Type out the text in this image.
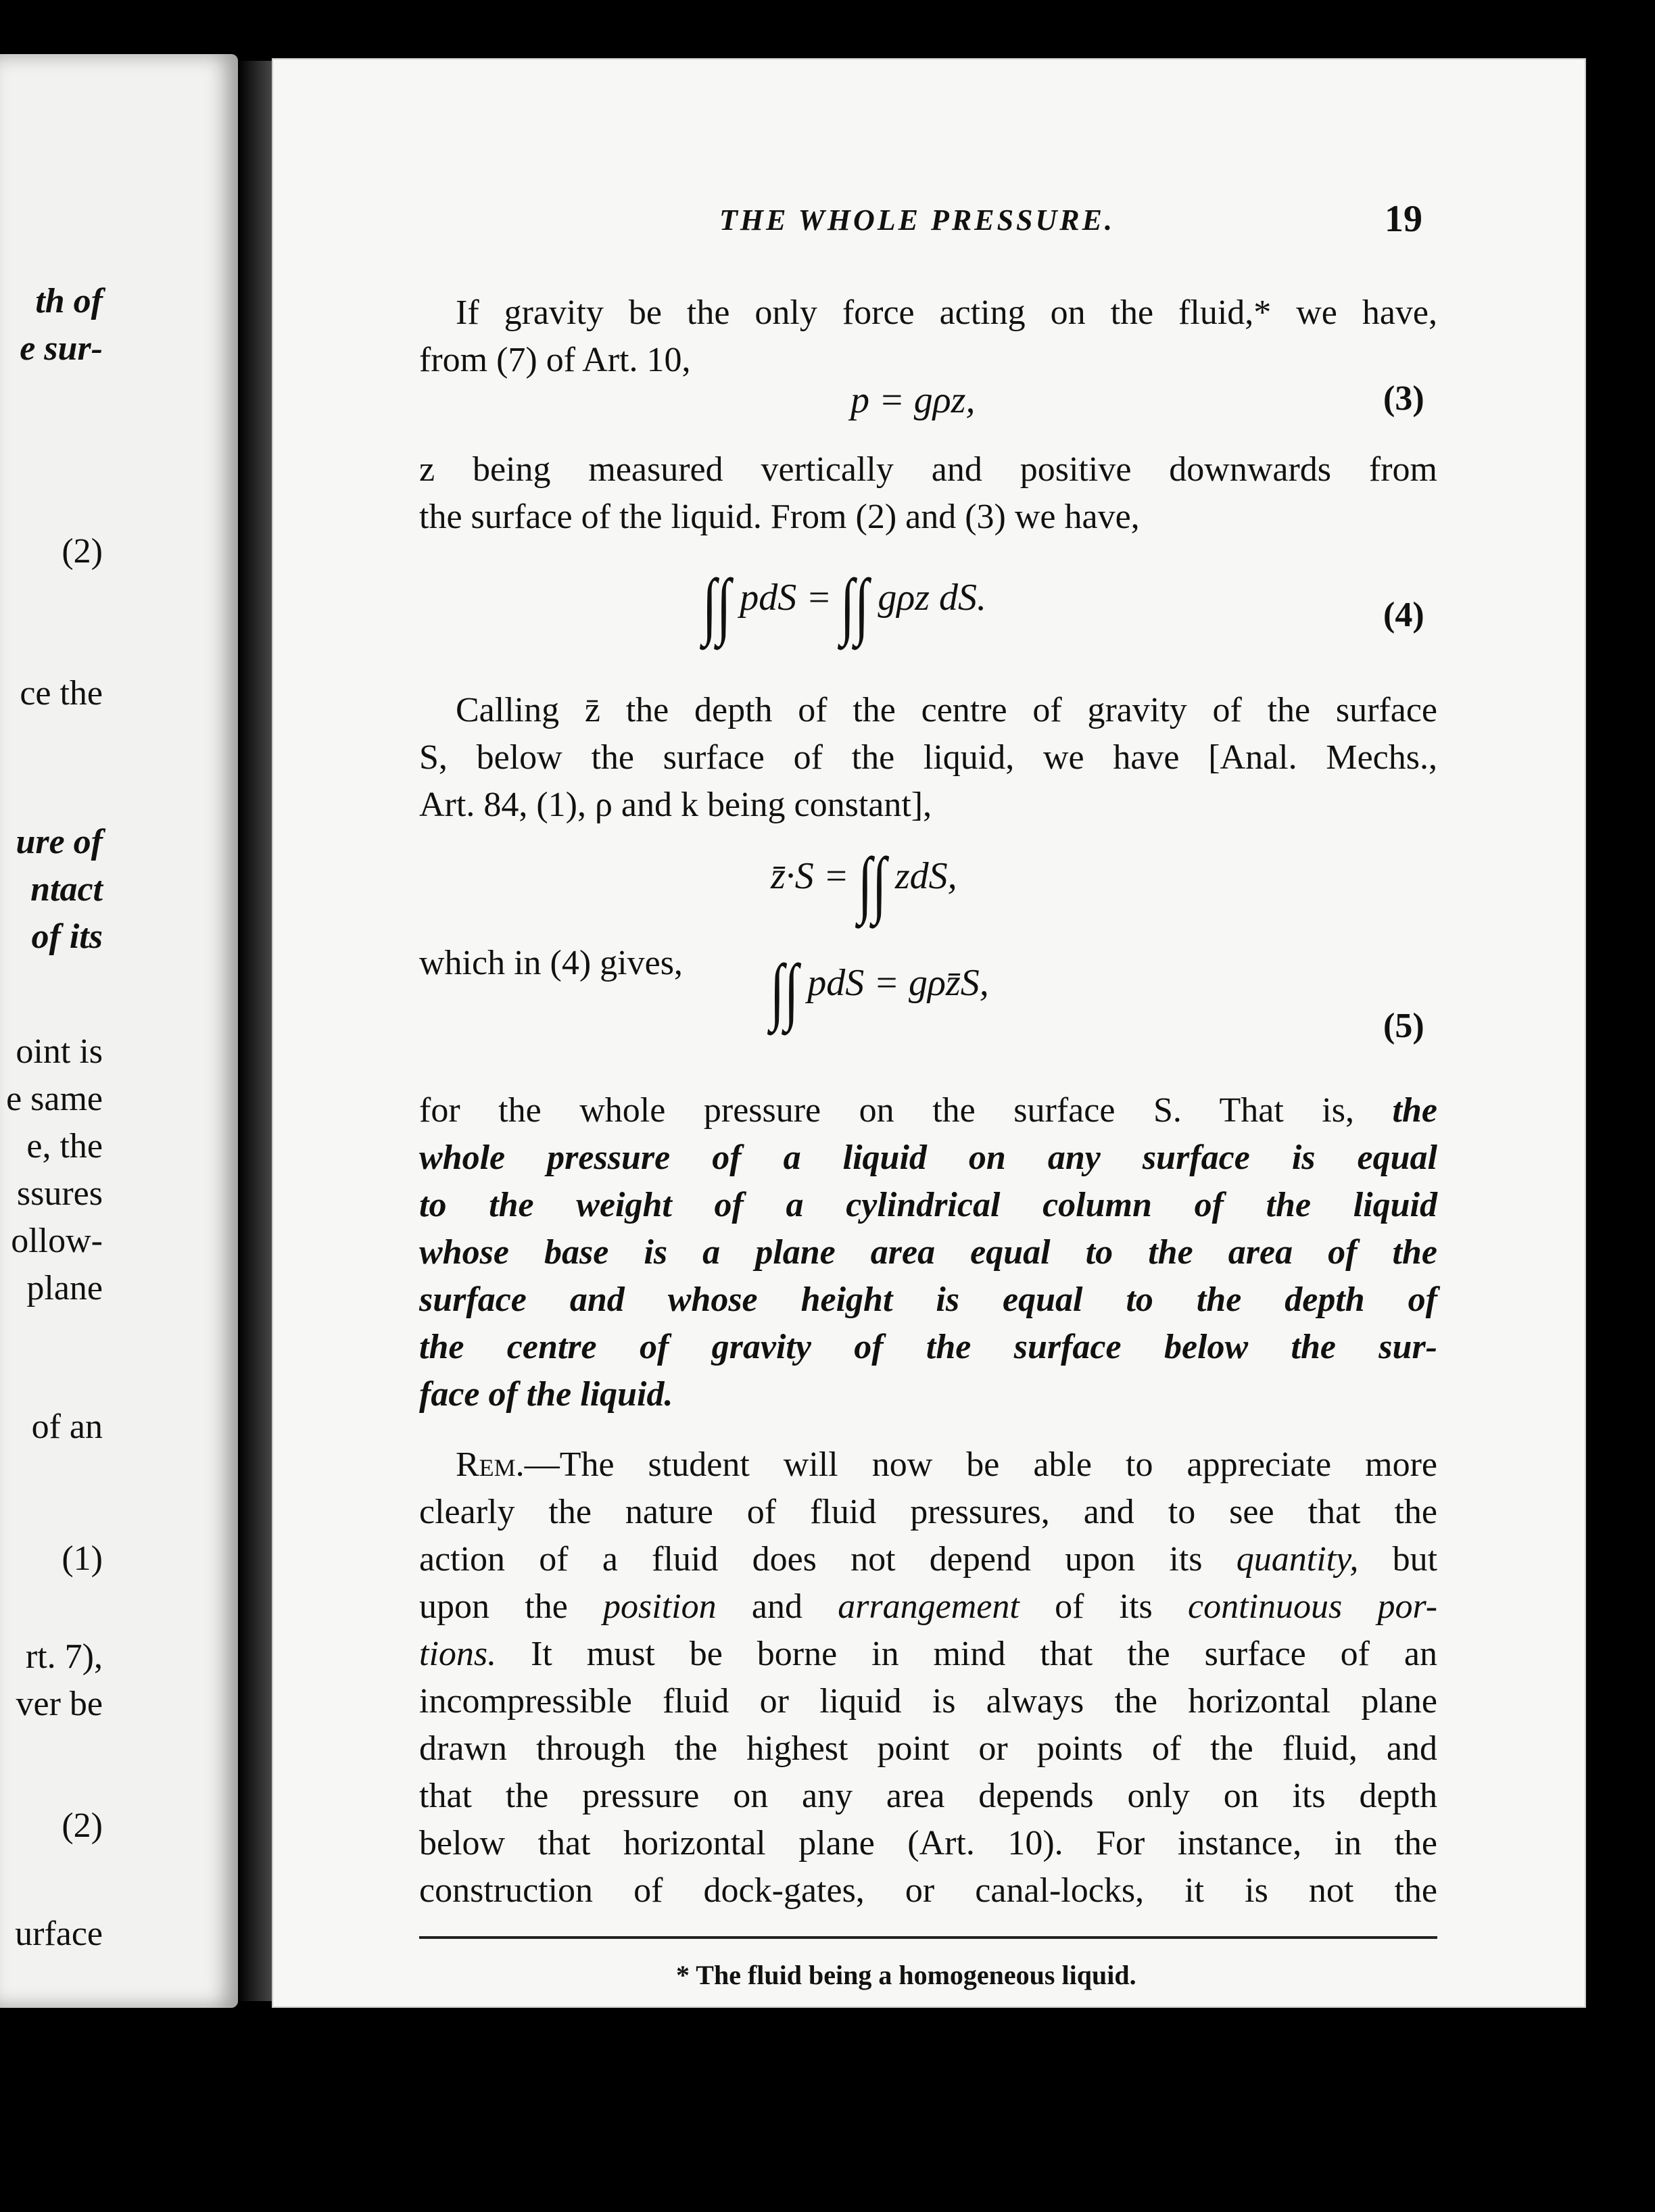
th of
e sur-
(2)
ce the
ure of
ntact
of its
oint is
e same
e, the
ssures
ollow-
plane
of an
(1)
rt. 7),
ver be
(2)
urface
THE WHOLE PRESSURE.	19
If gravity be the only force acting on the fluid,* we have,
from (7) of Art. 10,
p = gρz,	(3)
z being measured vertically and positive downwards from
the surface of the liquid. From (2) and (3) we have,
∫∫ pdS = ∫∫ gρz dS.	(4)
Calling z̄ the depth of the centre of gravity of the surface
S, below the surface of the liquid, we have [Anal. Mechs.,
Art. 84, (1), ρ and k being constant],
z̄·S = ∫∫ zdS,
which in (4) gives,	∫∫ pdS = gρz̄S,
(5)
for the whole pressure on the surface S. That is, the
whole pressure of a liquid on any surface is equal
to the weight of a cylindrical column of the liquid
whose base is a plane area equal to the area of the
surface and whose height is equal to the depth of
the centre of gravity of the surface below the sur-
face of the liquid.
Rem.—The student will now be able to appreciate more
clearly the nature of fluid pressures, and to see that the
action of a fluid does not depend upon its quantity, but
upon the position and arrangement of its continuous por-
tions. It must be borne in mind that the surface of an
incompressible fluid or liquid is always the horizontal plane
drawn through the highest point or points of the fluid, and
that the pressure on any area depends only on its depth
below that horizontal plane (Art. 10). For instance, in the
construction of dock-gates, or canal-locks, it is not the
* The fluid being a homogeneous liquid.
